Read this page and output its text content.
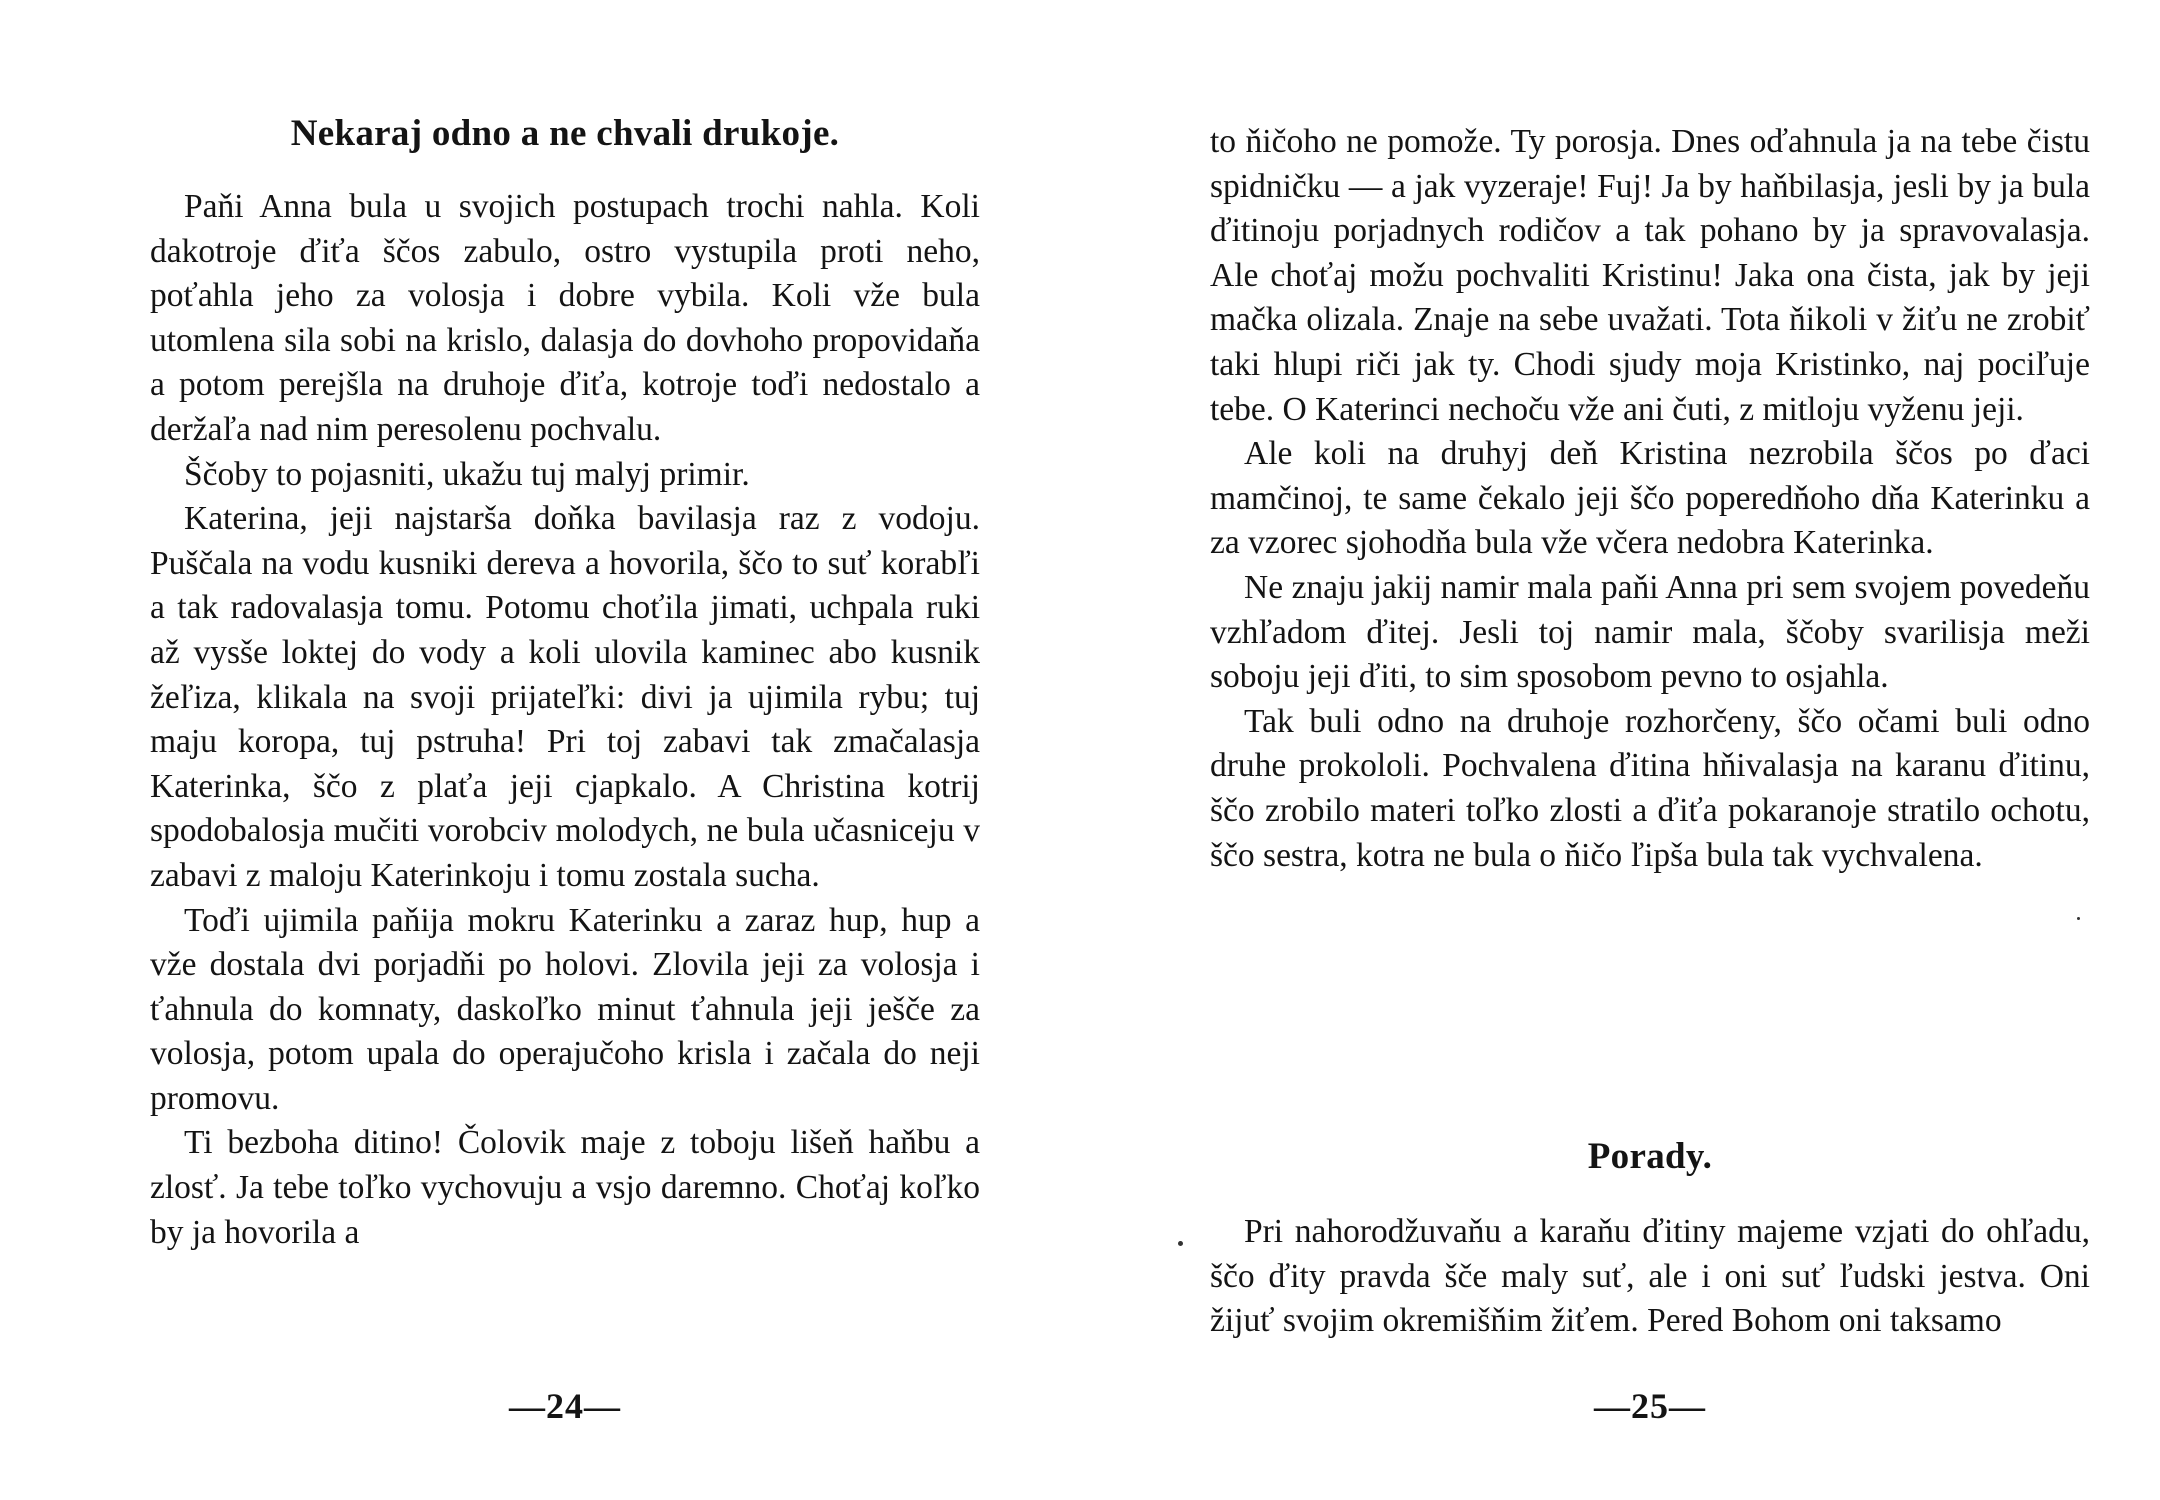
Nekaraj odno a ne chvali drukoje.

Paňi Anna bula u svojich postupach trochi nahla. Koli dakotroje ďiťa ščos zabulo, ostro vystupila proti neho, poťahla jeho za volosja i dobre vybila. Koli vže bula utomlena sila sobi na krislo, dalasja do dovhoho propovidaňa a potom perejšla na druhoje ďiťa, kotroje toďi nedostalo a deržaľa nad nim peresolenu pochvalu.

Ščoby to pojasniti, ukažu tuj malyj primir.

Katerina, jeji najstarša doňka bavilasja raz z vodoju. Puščala na vodu kusniki dereva a hovorila, ščo to suť korabľi a tak radovalasja tomu. Potomu choťila jimati, uchpala ruki až vysše loktej do vody a koli ulovila kaminec abo kusnik žeľiza, klikala na svoji prijateľki: divi ja ujimila rybu; tuj maju koropa, tuj pstruha! Pri toj zabavi tak zmačalasja Katerinka, ščo z plaťa jeji cjapkalo. A Christina kotrij spodobalosja mučiti vorobciv molodych, ne bula učasniceju v zabavi z maloju Katerinkoju i tomu zostala sucha.

Toďi ujimila paňija mokru Katerinku a zaraz hup, hup a vže dostala dvi porjadňi po holovi. Zlovila jeji za volosja i ťahnula do komnaty, daskoľko minut ťahnula jeji ješče za volosja, potom upala do operajučoho krisla i začala do neji promovu.

Ti bezboha ditino! Čolovik maje z toboju lišeň haňbu a zlosť. Ja tebe toľko vychovuju a vsjo daremno. Choťaj koľko by ja hovorila a

—24—

to ňičoho ne pomože. Ty porosja. Dnes oďahnula ja na tebe čistu spidničku — a jak vyzeraje! Fuj! Ja by haňbilasja, jesli by ja bula ďitinoju porjadnych rodičov a tak pohano by ja spravovalasja. Ale choťaj možu pochvaliti Kristinu! Jaka ona čista, jak by jeji mačka olizala. Znaje na sebe uvažati. Tota ňikoli v žiťu ne zrobiť taki hlupi riči jak ty. Chodi sjudy moja Kristinko, naj pociľuje tebe. O Katerinci nechoču vže ani čuti, z mitloju vyženu jeji.

Ale koli na druhyj deň Kristina nezrobila ščos po ďaci mamčinoj, te same čekalo jeji ščo poperedňoho dňa Katerinku a za vzorec sjohodňa bula vže včera nedobra Katerinka.

Ne znaju jakij namir mala paňi Anna pri sem svojem povedeňu vzhľadom ďitej. Jesli toj namir mala, ščoby svarilisja meži soboju jeji ďiti, to sim sposobom pevno to osjahla.

Tak buli odno na druhoje rozhorčeny, ščo očami buli odno druhe prokololi. Pochvalena ďitina hňivalasja na karanu ďitinu, ščo zrobilo materi toľko zlosti a ďiťa pokaranoje stratilo ochotu, ščo sestra, kotra ne bula o ňičo ľipša bula tak vychvalena.

Porady.

Pri nahorodžuvaňu a karaňu ďitiny majeme vzjati do ohľadu, ščo ďity pravda šče maly suť, ale i oni suť ľudski jestva. Oni žijuť svojim okremišňim žiťem. Pered Bohom oni taksamo

—25—
